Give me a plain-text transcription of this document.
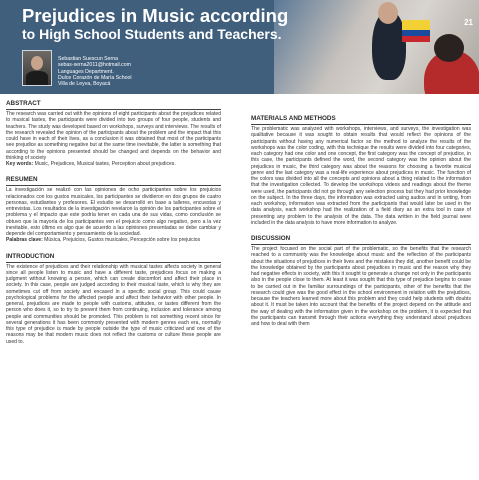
21
Prejudices in Music according
to High School Students and Teachers.
Sebastian Suescun Serna
sebas-serna2011@hotmail.com
Languages Department.
Dulce Corazón de María School
Villa de Leyva, Boyacá
ABSTRACT

The research was carried out with the opinions of eight participants about the prejudices related to musical tastes, the participants were divided into two groups of four people, students and teachers. The study was developed based on workshops, surveys and interviews. The results of the research revealed the opinion of the participants about the problem and the impact that this could have in each of their lives, as a conclusion it was obtained that most of the participants see prejudice as something negative but at the same time inevitable, the latter is something that according to the opinions presented should be changed and depends on the behavior and thinking of society

Key words: Music, Prejudices, Musical tastes, Perception about prejudices.

RESUMEN

La investigación se realizó con las opiniones de ocho participantes sobre los prejuicios relacionados con los gustos musicales, los participantes se dividieron en dos grupos de cuatro personas, estudiantes y profesores. El estudio se desarrolló en base a talleres, encuestas y entrevistas. Los resultados de la investigación revelaron la opinión de los participantes sobre el problema y el impacto que este podría tener en cada una de sus vidas, como conclusión se obtuvo que la mayoría de los participantes ven el prejuicio como algo negativo, pero a la vez inevitable, esto último es algo que de acuerdo a las opiniones presentadas se debe cambiar y depende del comportamiento y pensamiento de la sociedad.

Palabras clave: Música, Prejuicios, Gustos musicales, Percepción sobre los prejuicios

INTRODUCTION

The existence of prejudices and their relationship with musical tastes affects society in general since all people listen to music and have a different taste, prejudices focus on making a judgment without knowing a person, which can create discomfort and affect their place in society. In this case, people are judged according to their musical taste, which is why they are sometimes cut off from society and encased in a specific social group. This could cause psychological problems for the affected people and affect their behavior with other people. In general, prejudices are made to people with customs, attitudes, or tastes different from the person who does it, so to try to prevent them from continuing, inclusion and tolerance among people and communities should be promoted. This problem is not something recent since for several generations it has been commonly presented with modern genres each era, normally this type of prejudice is made by people outside the type of music criticized and one of the reasons may be that modern music does not reflect the customs or culture these people are used to.

MATERIALS AND METHODS

The problematic was analyzed with workshops, interviews, and surveys, the investigation was qualitative because it was sought to obtain results that would reflect the opinions of the participants without having any numerical factor so the method to analyze the results of the workshops was the color coding, with this technique the results were divided into four categories, each category had one color and one concept, the first category was the concept of prejudice, in this case, the participants defined the word, the second category was the opinion about the prejudices in music, the third category was about the reasons for choosing a favorite musical genre and the last category was a real-life experience about prejudices in music. The function of the colors was divided into all the concepts and opinions about a thing related to the information that the investigation collected. To develop the workshops videos and readings about the theme were used, the participants did not go through any selection process but they had prior knowledge on the subject. In the three days, the information was extracted using audios and in writing, from each workshop, information was extracted from the participants that would later be used in the data analysis, each workshop had the realization of a field diary as an extra tool in case of presenting any problem to the analysis of the data. The data written in the field journal were included in the data analysis to have more information to analyze.

DISCUSSION

The project focused on the social part of the problematic, so the benefits that the research reached to a community was the knowledge about music and the reflection of the participants about the situations of prejudices in their lives and the mistakes they did, another benefit could be the knowledge obtained by the participants about prejudices in music and the reason why they had negative effects in society, with this it sought to generate a change not only in the participants also in the people close to them. At least it was sought that this type of prejudice begins to cease to be carried out in the familiar surroundings of the participants, other of the benefits that the research could give was the good effect in the school environment in relation with the prejudices, because the teachers learned more about this problem and they could help students with doubts about it. It must be taken into account that the benefits of the project depend on the attitude and the way of dealing with the information given in the workshop on the problem, it is expected that the participants can transmit through their actions everything they understand about prejudices and how to deal with them
